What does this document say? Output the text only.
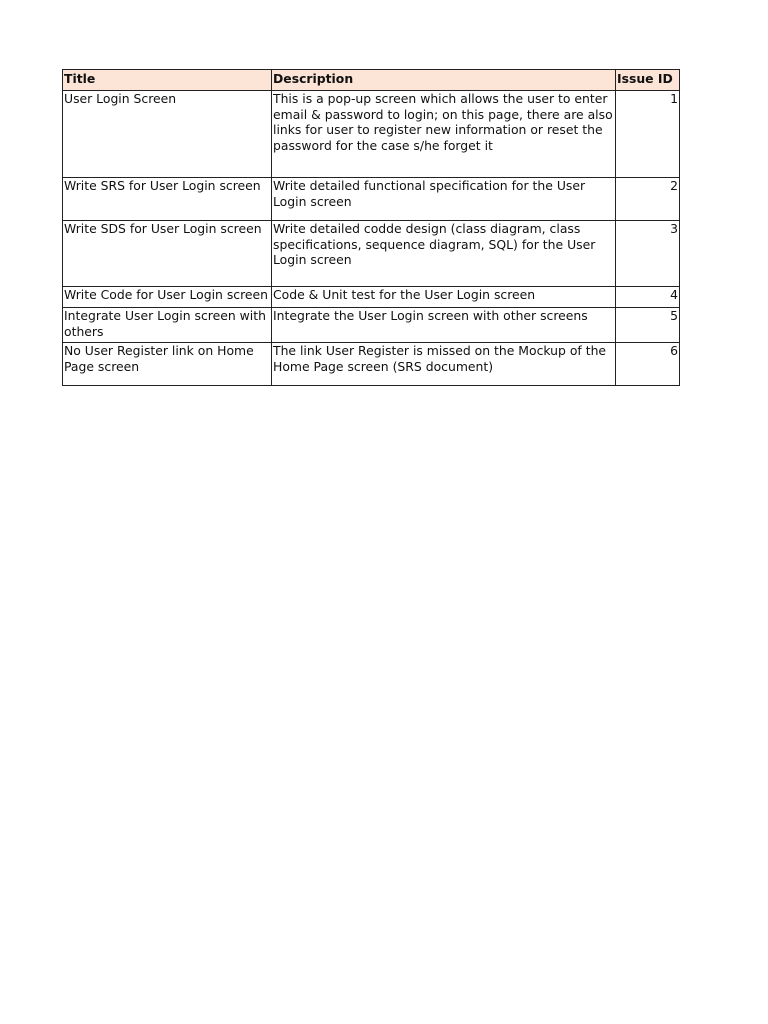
Title	Description	Issue ID
User Login Screen	This is a pop-up screen which allows the user to enter email & password to login; on this page, there are also links for user to register new information or reset the password for the case s/he forget it	1
Write SRS for User Login screen	Write detailed functional specification for the User Login screen	2
Write SDS for User Login screen	Write detailed codde design (class diagram, class specifications, sequence diagram, SQL) for the User Login screen	3

Write Code for User Login screen	Code & Unit test for the User Login screen	4

Integrate User Login screen with others	Integrate the User Login screen with other screens	5
No User Register link on Home Page screen	The link User Register is missed on the Mockup of the Home Page screen (SRS document)	6
